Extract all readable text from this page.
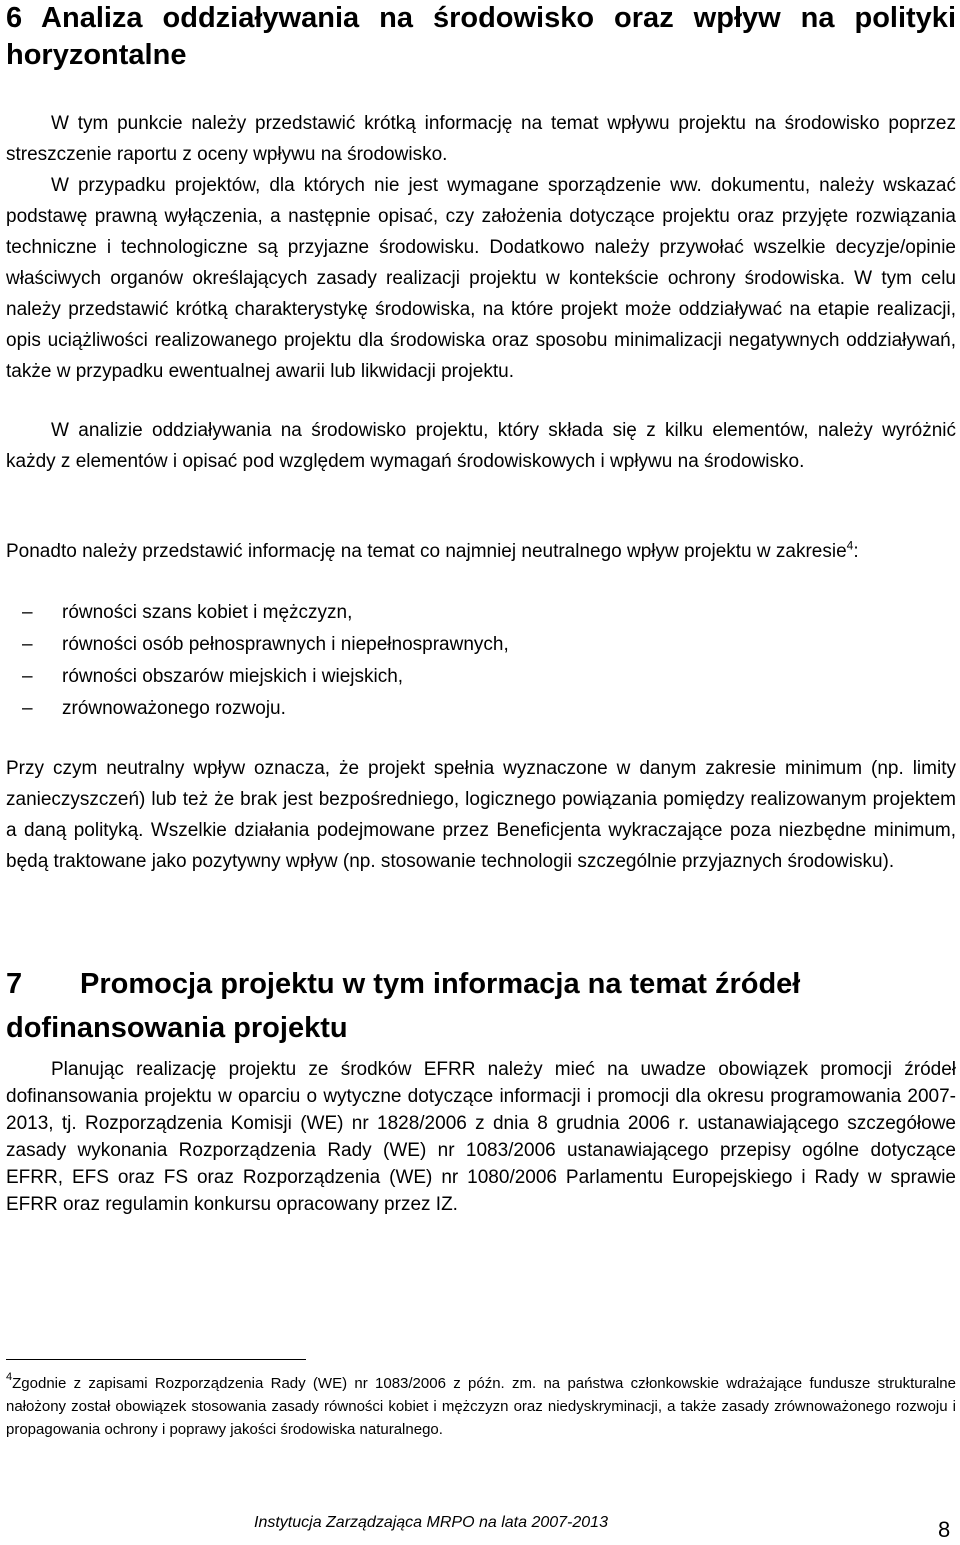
6 Analiza oddziaływania na środowisko oraz wpływ na polityki horyzontalne

W tym punkcie należy przedstawić krótką informację na temat wpływu projektu na środowisko poprzez streszczenie raportu z oceny wpływu na środowisko.

W przypadku projektów, dla których nie jest wymagane sporządzenie ww. dokumentu, należy wskazać podstawę prawną wyłączenia, a następnie opisać, czy założenia dotyczące projektu oraz przyjęte rozwiązania techniczne i technologiczne są przyjazne środowisku. Dodatkowo należy przywołać wszelkie decyzje/opinie właściwych organów określających zasady realizacji projektu w kontekście ochrony środowiska. W tym celu należy przedstawić krótką charakterystykę środowiska, na które projekt może oddziaływać na etapie realizacji, opis uciążliwości realizowanego projektu dla środowiska oraz sposobu minimalizacji negatywnych oddziaływań, także w przypadku ewentualnej awarii lub likwidacji projektu.

W analizie oddziaływania na środowisko projektu, który składa się z kilku elementów, należy wyróżnić każdy z elementów i opisać pod względem wymagań środowiskowych i wpływu na środowisko.

Ponadto należy przedstawić informację na temat co najmniej neutralnego wpływ projektu w zakresie$^4$:

– równości szans kobiet i mężczyzn,
– równości osób pełnosprawnych i niepełnosprawnych,
– równości obszarów miejskich i wiejskich,
– zrównoważonego rozwoju.

Przy czym neutralny wpływ oznacza, że projekt spełnia wyznaczone w danym zakresie minimum (np. limity zanieczyszczeń) lub też że brak jest bezpośredniego, logicznego powiązania pomiędzy realizowanym projektem a daną polityką. Wszelkie działania podejmowane przez Beneficjenta wykraczające poza niezbędne minimum, będą traktowane jako pozytywny wpływ (np. stosowanie technologii szczególnie przyjaznych środowisku).

7 Promocja projektu w tym informacja na temat źródeł dofinansowania projektu

Planując realizację projektu ze środków EFRR należy mieć na uwadze obowiązek promocji źródeł dofinansowania projektu w oparciu o wytyczne dotyczące informacji i promocji dla okresu programowania 2007-2013, tj. Rozporządzenia Komisji (WE) nr 1828/2006 z dnia 8 grudnia 2006 r. ustanawiającego szczegółowe zasady wykonania Rozporządzenia Rady (WE) nr 1083/2006 ustanawiającego przepisy ogólne dotyczące EFRR, EFS oraz FS oraz Rozporządzenia (WE) nr 1080/2006 Parlamentu Europejskiego i Rady w sprawie EFRR oraz regulamin konkursu opracowany przez IZ.

$^4$Zgodnie z zapisami Rozporządzenia Rady (WE) nr 1083/2006 z późn. zm. na państwa członkowskie wdrażające fundusze strukturalne nałożony został obowiązek stosowania zasady równości kobiet i mężczyzn oraz niedyskryminacji, a także zasady zrównoważonego rozwoju i propagowania ochrony i poprawy jakości środowiska naturalnego.

Instytucja Zarządzająca MRPO na lata 2007-2013	8
